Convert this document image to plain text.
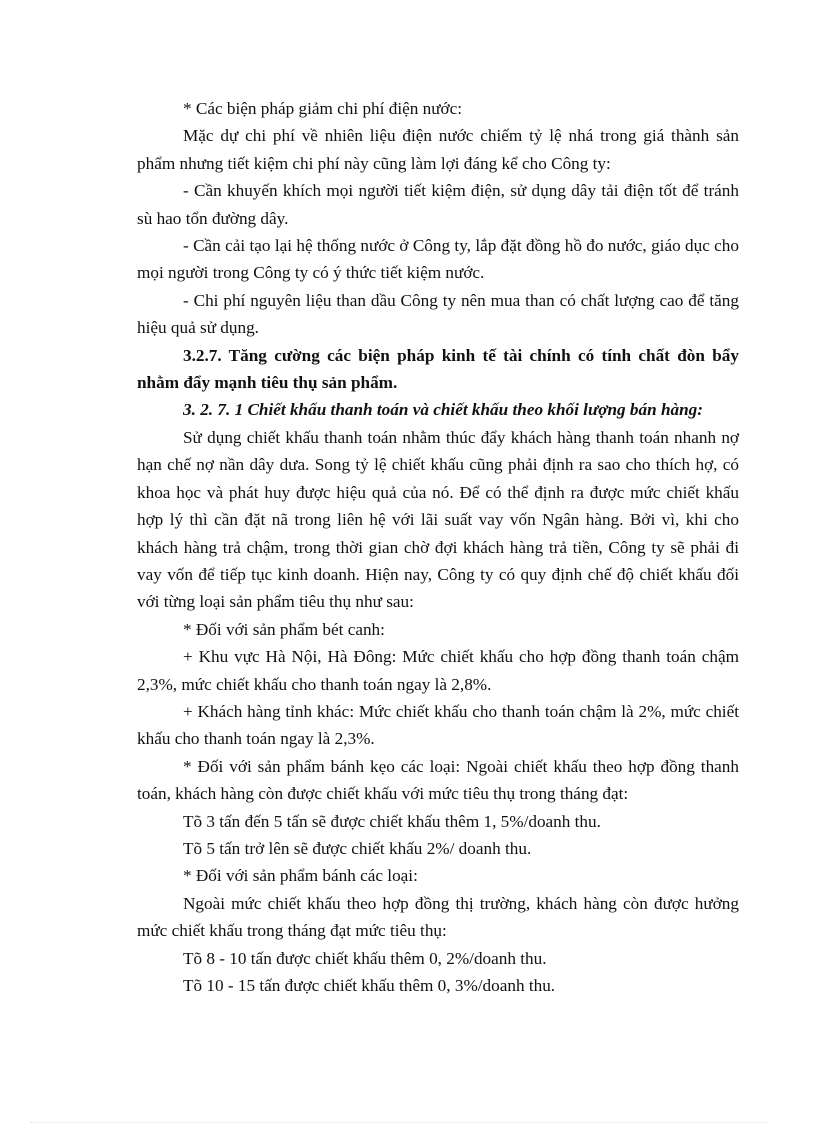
* Các biện pháp giảm chi phí điện nước:

Mặc dự chi phí về nhiên liệu điện nước chiếm tỷ lệ nhá trong giá thành sản phẩm nhưng tiết kiệm chi phí này cũng làm lợi đáng kể cho Công ty:

- Cần khuyến khích mọi người tiết kiệm điện, sử dụng dây tải điện tốt để tránh sù hao tổn đường dây.

- Cần cải tạo lại hệ thống nước ở Công ty, lắp đặt đồng hồ đo nước, giáo dục cho mọi người trong Công ty có ý thức tiết kiệm nước.

- Chi phí nguyên liệu than dầu Công ty nên mua than có chất lượng cao để tăng hiệu quả sử dụng.

3.2.7. Tăng cường các biện pháp kinh tế tài chính có tính chất đòn bẩy nhằm đẩy mạnh tiêu thụ sản phẩm.

3. 2. 7. 1 Chiết khấu thanh toán và chiết khấu theo khối lượng bán hàng:

Sử dụng chiết khấu thanh toán nhằm thúc đẩy khách hàng thanh toán nhanh nợ hạn chế nợ nần dây dưa. Song tỷ lệ chiết khấu cũng phải định ra sao cho thích hợ, có khoa học và phát huy được hiệu quả của nó. Để có thể định ra được mức chiết khấu hợp lý thì cần đặt nã trong liên hệ với lãi suất vay vốn Ngân hàng. Bởi vì, khi cho khách hàng trả chậm, trong thời gian chờ đợi khách hàng trả tiền, Công ty sẽ phải đi vay vốn để tiếp tục kinh doanh. Hiện nay, Công ty có quy định chế độ chiết khấu đối với từng loại sản phẩm tiêu thụ như sau:

* Đối với sản phẩm bét canh:

+ Khu vực Hà Nội, Hà Đông: Mức chiết khấu cho hợp đồng thanh toán chậm 2,3%, mức chiết khấu cho thanh toán ngay là 2,8%.

+ Khách hàng tỉnh khác: Mức chiết khấu cho thanh toán chậm là 2%, mức chiết khấu cho thanh toán ngay là 2,3%.

* Đối với sản phẩm bánh kẹo các loại: Ngoài chiết khấu theo hợp đồng thanh toán, khách hàng còn được chiết khấu với mức tiêu thụ trong tháng đạt:

Tõ 3 tấn đến 5 tấn sẽ được chiết khấu thêm 1, 5%/doanh thu.

Tõ 5 tấn trở lên sẽ được chiết khấu 2%/ doanh thu.

* Đối với sản phẩm bánh các loại:

Ngoài mức chiết khấu theo hợp đồng thị trường, khách hàng còn được hưởng mức chiết khấu trong tháng đạt mức tiêu thụ:

Tõ 8 - 10 tấn được chiết khấu thêm 0, 2%/doanh thu.

Tõ 10 - 15 tấn được chiết khấu thêm 0, 3%/doanh thu.
